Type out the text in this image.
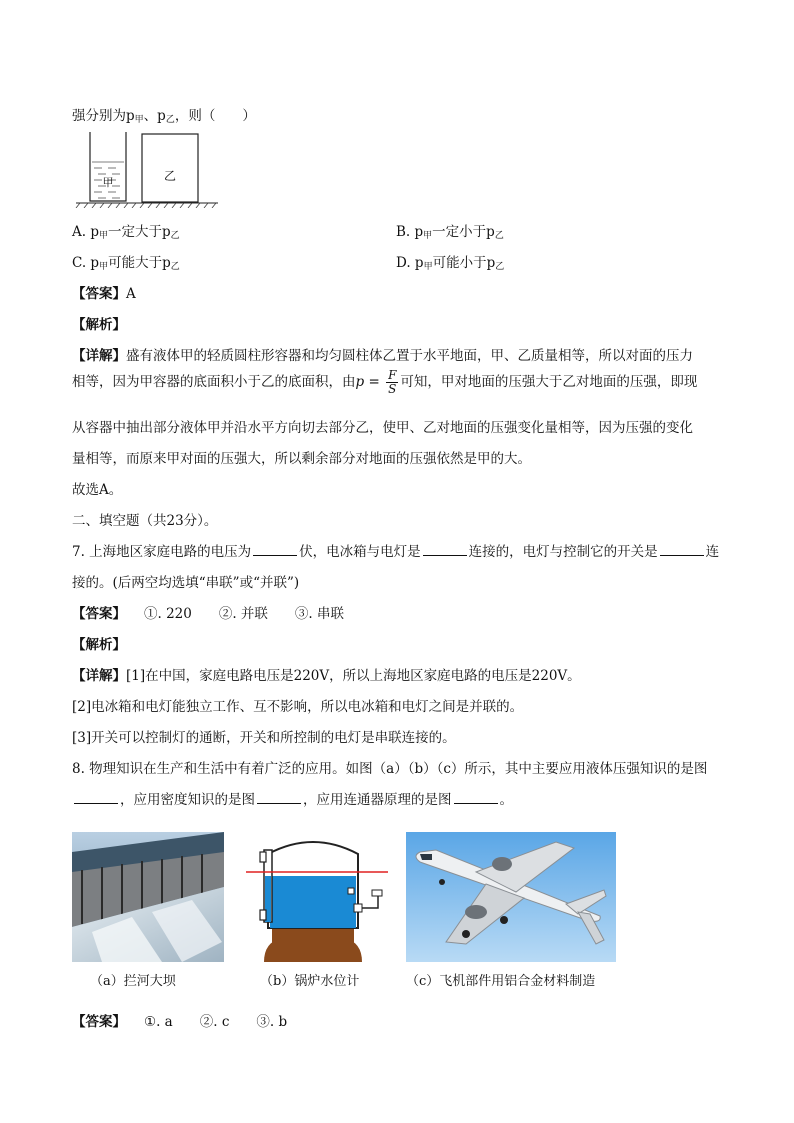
强分别为p甲、p乙，则（　　）
甲	乙
A. p甲一定大于p乙	B. p甲一定小于p乙
C. p甲可能大于p乙	D. p甲可能小于p乙
【答案】A
【解析】
【详解】盛有液体甲的轻质圆柱形容器和均匀圆柱体乙置于水平地面，甲、乙质量相等，所以对面的压力
相等，因为甲容器的底面积小于乙的底面积，由$p = \frac{F}{S}$ 可知，甲对地面的压强大于乙对地面的压强，即现
从容器中抽出部分液体甲并沿水平方向切去部分乙，使甲、乙对地面的压强变化量相等，因为压强的变化
量相等，而原来甲对面的压强大，所以剩余部分对地面的压强依然是甲的大。
故选A。
二、填空题（共23分）。
7. 上海地区家庭电路的电压为	伏，电冰箱与电灯是	连接的，电灯与控制它的开关是	连
接的。(后两空均选填“串联”或“并联”)
【答案】 ①. 220　　②. 并联　　③. 串联
【解析】
【详解】[1]在中国，家庭电路电压是220V，所以上海地区家庭电路的电压是220V。
[2]电冰箱和电灯能独立工作、互不影响，所以电冰箱和电灯之间是并联的。
[3]开关可以控制灯的通断，开关和所控制的电灯是串联连接的。
8. 物理知识在生产和生活中有着广泛的应用。如图（a）（b）（c）所示，其中主要应用液体压强知识的是图
，应用密度知识的是图	，应用连通器原理的是图	。
（a）拦河大坝	（b）锅炉水位计	（c）飞机部件用铝合金材料制造
【答案】 ①. a　　②. c　　③. b
